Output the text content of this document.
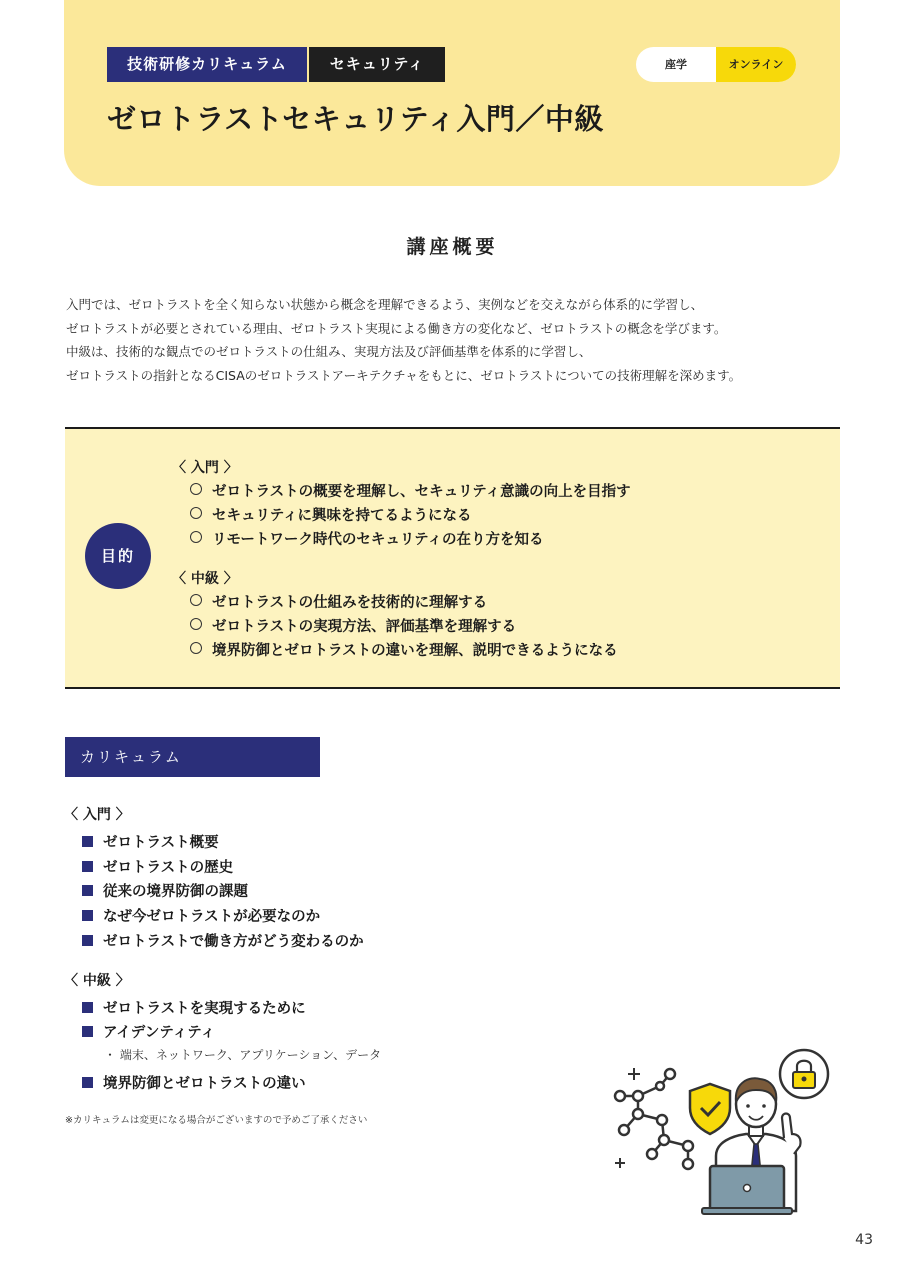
技術研修カリキュラム	セキュリティ	座学	オンライン
ゼロトラストセキュリティ入門／中級
講座概要

入門では、ゼロトラストを全く知らない状態から概念を理解できるよう、実例などを交えながら体系的に学習し、

ゼロトラストが必要とされている理由、ゼロトラスト実現による働き方の変化など、ゼロトラストの概念を学びます。

中級は、技術的な観点でのゼロトラストの仕組み、実現方法及び評価基準を体系的に学習し、

ゼロトラストの指針となるCISAのゼロトラストアーキテクチャをもとに、ゼロトラストについての技術理解を深めます。

目的
〈 入門 〉
ゼロトラストの概要を理解し、セキュリティ意識の向上を目指す
セキュリティに興味を持てるようになる
リモートワーク時代のセキュリティの在り方を知る
〈 中級 〉
ゼロトラストの仕組みを技術的に理解する
ゼロトラストの実現方法、評価基準を理解する
境界防御とゼロトラストの違いを理解、説明できるようになる
カリキュラム
〈 入門 〉
ゼロトラスト概要
ゼロトラストの歴史
従来の境界防御の課題
なぜ今ゼロトラストが必要なのか
ゼロトラストで働き方がどう変わるのか
〈 中級 〉
ゼロトラストを実現するために
アイデンティティ
・ 端末、ネットワーク、アプリケーション、データ
境界防御とゼロトラストの違い
※カリキュラムは変更になる場合がございますので予めご了承ください
43
